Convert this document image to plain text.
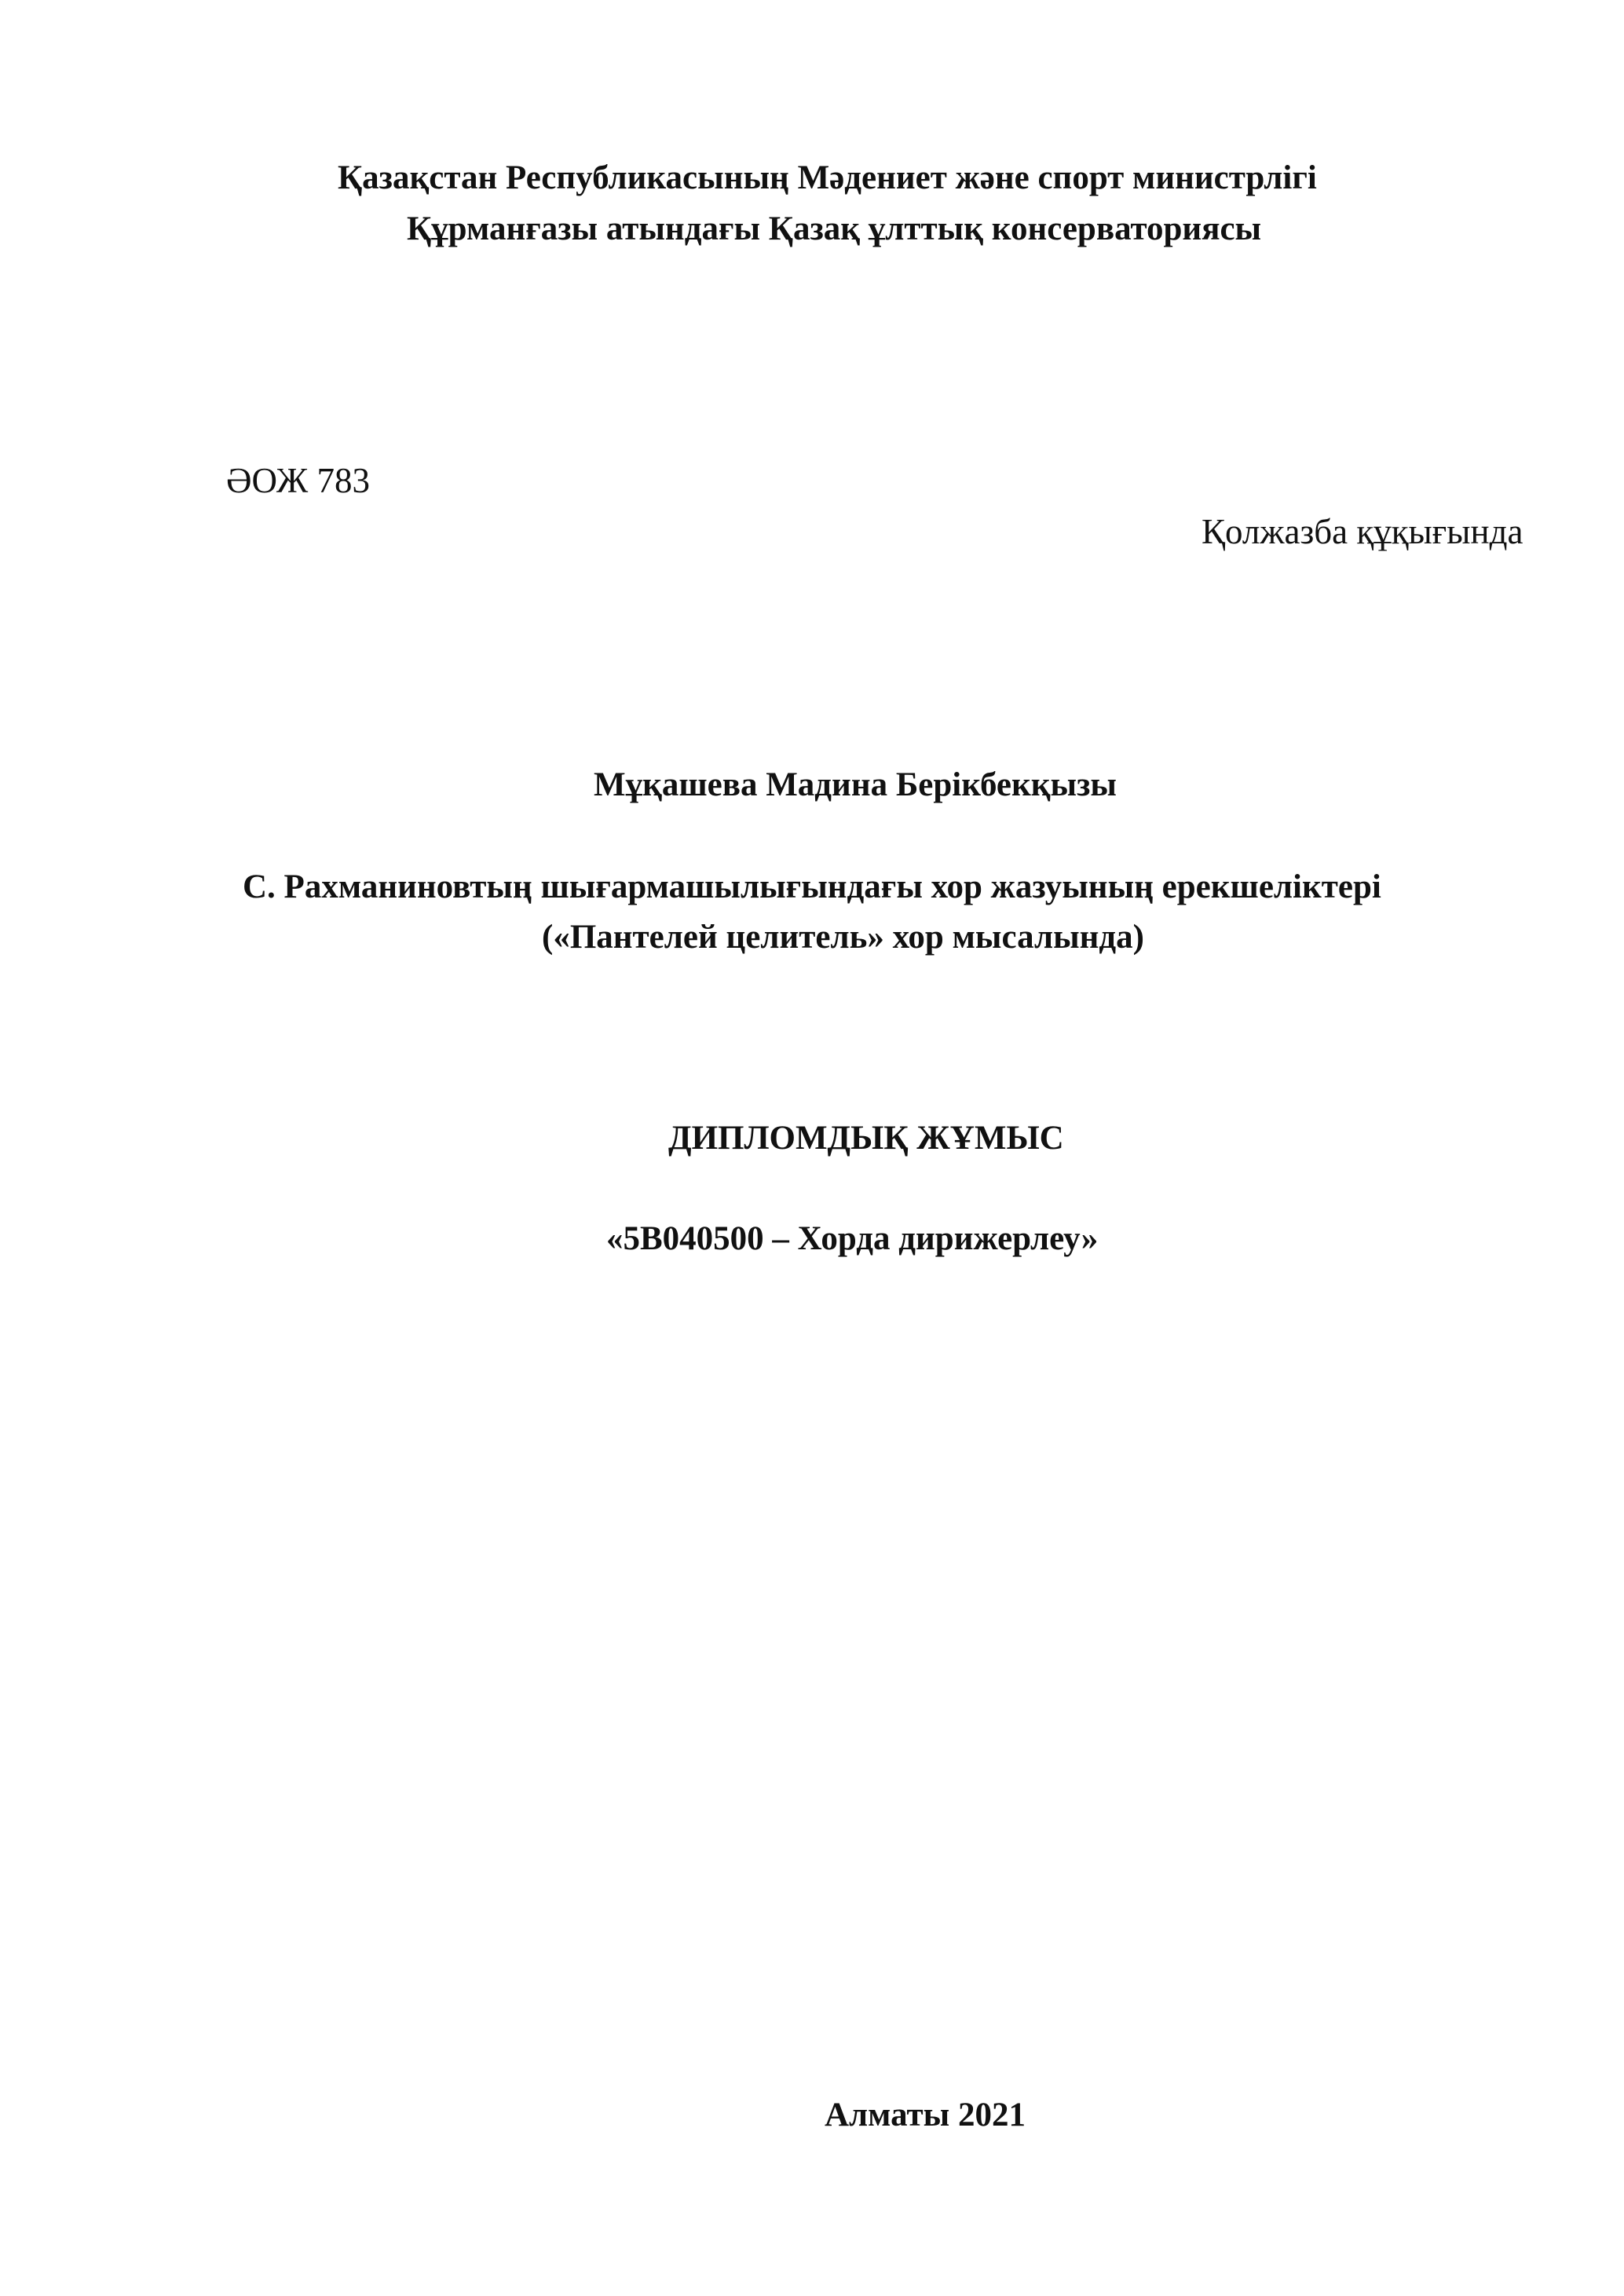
Қазақстан Республикасының Мәдениет және спорт министрлігі
Құрманғазы атындағы Қазақ ұлттық консерваториясы
ӘОЖ 783
Қолжазба құқығында
Мұқашева Мадина Берікбекқызы
С. Рахманиновтың шығармашылығындағы хор жазуының ерекшеліктері
(«Пантелей целитель» хор мысалында)
ДИПЛОМДЫҚ ЖҰМЫС
«5В040500 – Хорда дирижерлеу»
Алматы 2021
